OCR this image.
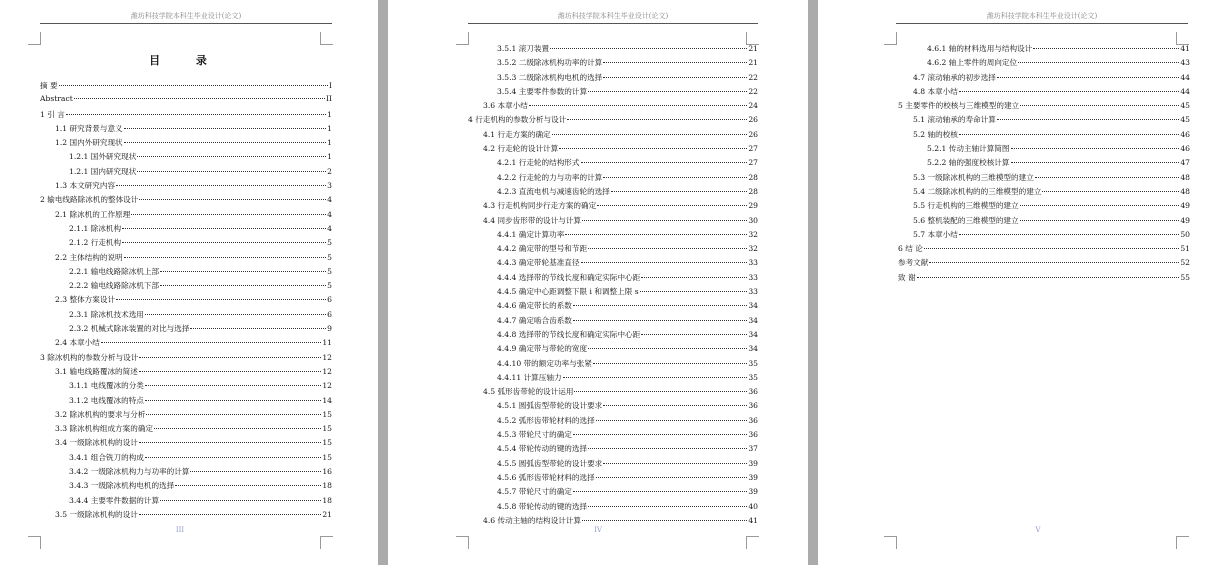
潍坊科技学院本科生毕业设计(论文)
目 录
摘 要	I
Abstract	II
1 引 言	1
1.1 研究背景与意义	1
1.2 国内外研究现状	1
1.2.1 国外研究现状	1
1.2.1 国内研究现状	2
1.3 本文研究内容	3
2 输电线路除冰机的整体设计	4
2.1 除冰机的工作原理	4
2.1.1 除冰机构	4
2.1.2 行走机构	5
2.2 主体结构的说明	5
2.2.1 输电线路除冰机上部	5
2.2.2 输电线路除冰机下部	5
2.3 整体方案设计	6
2.3.1 除冰机技术选用	6
2.3.2 机械式除冰装置的对比与选择	9
2.4 本章小结	11
3 除冰机构的参数分析与设计	12
3.1 输电线路覆冰的简述	12
3.1.1 电线覆冰的分类	12
3.1.2 电线覆冰的特点	14
3.2 除冰机构的要求与分析	15
3.3 除冰机构组成方案的确定	15
3.4 一级除冰机构的设计	15
3.4.1 组合铣刀的构成	15
3.4.2 一级除冰机构力与功率的计算	16
3.4.3 一级除冰机构电机的选择	18
3.4.4 主要零件数据的计算	18
3.5 一级除冰机构的设计	21
III
潍坊科技学院本科生毕业设计(论文)
3.5.1 滚刀装置	21
3.5.2 二级除冰机构功率的计算	21
3.5.3 二级除冰机构电机的选择	22
3.5.4 主要零件参数的计算	22
3.6 本章小结	24
4 行走机构的参数分析与设计	26
4.1 行走方案的确定	26
4.2 行走轮的设计计算	27
4.2.1 行走轮的结构形式	27
4.2.2 行走轮的力与功率的计算	28
4.2.3 直流电机与减速齿轮的选择	28
4.3 行走机构同步行走方案的确定	29
4.4 同步齿形带的设计与计算	30
4.4.1 确定计算功率	32
4.4.2 确定带的型号和节距	32
4.4.3 确定带轮基准直径	33
4.4.4 选择带的节线长度和确定实际中心距	33
4.4.5 确定中心距调整下限 i 和调整上限 s	33
4.4.6 确定带长的系数	34
4.4.7 确定啮合齿系数	34
4.4.8 选择带的节线长度和确定实际中心距	34
4.4.9 确定带与带轮的宽度	34
4.4.10 带的额定功率与张紧	35
4.4.11 计算压轴力	35
4.5 弧形齿带轮的设计运用	36
4.5.1 圆弧齿型带轮的设计要求	36
4.5.2 弧形齿带轮材料的选择	36
4.5.3 带轮尺寸的确定	36
4.5.4 带轮传动的键的选择	37
4.5.5 圆弧齿型带轮的设计要求	39
4.5.6 弧形齿带轮材料的选择	39
4.5.7 带轮尺寸的确定	39
4.5.8 带轮传动的键的选择	40
4.6 传动主轴的结构设计计算	41
IV
潍坊科技学院本科生毕业设计(论文)
4.6.1 轴的材料选用与结构设计	41
4.6.2 轴上零件的周向定位	43
4.7 滚动轴承的初步选择	44
4.8 本章小结	44
5 主要零件的校核与三维模型的建立	45
5.1 滚动轴承的寿命计算	45
5.2 轴的校核	46
5.2.1 传动主轴计算简图	46
5.2.2 轴的强度校核计算	47
5.3 一级除冰机构的三维模型的建立	48
5.4 二级除冰机构的的三维模型的建立	48
5.5 行走机构的三维模型的建立	49
5.6 整机装配的三维模型的建立	49
5.7 本章小结	50
6 结 论	51
参考文献	52
致 谢	55
V
